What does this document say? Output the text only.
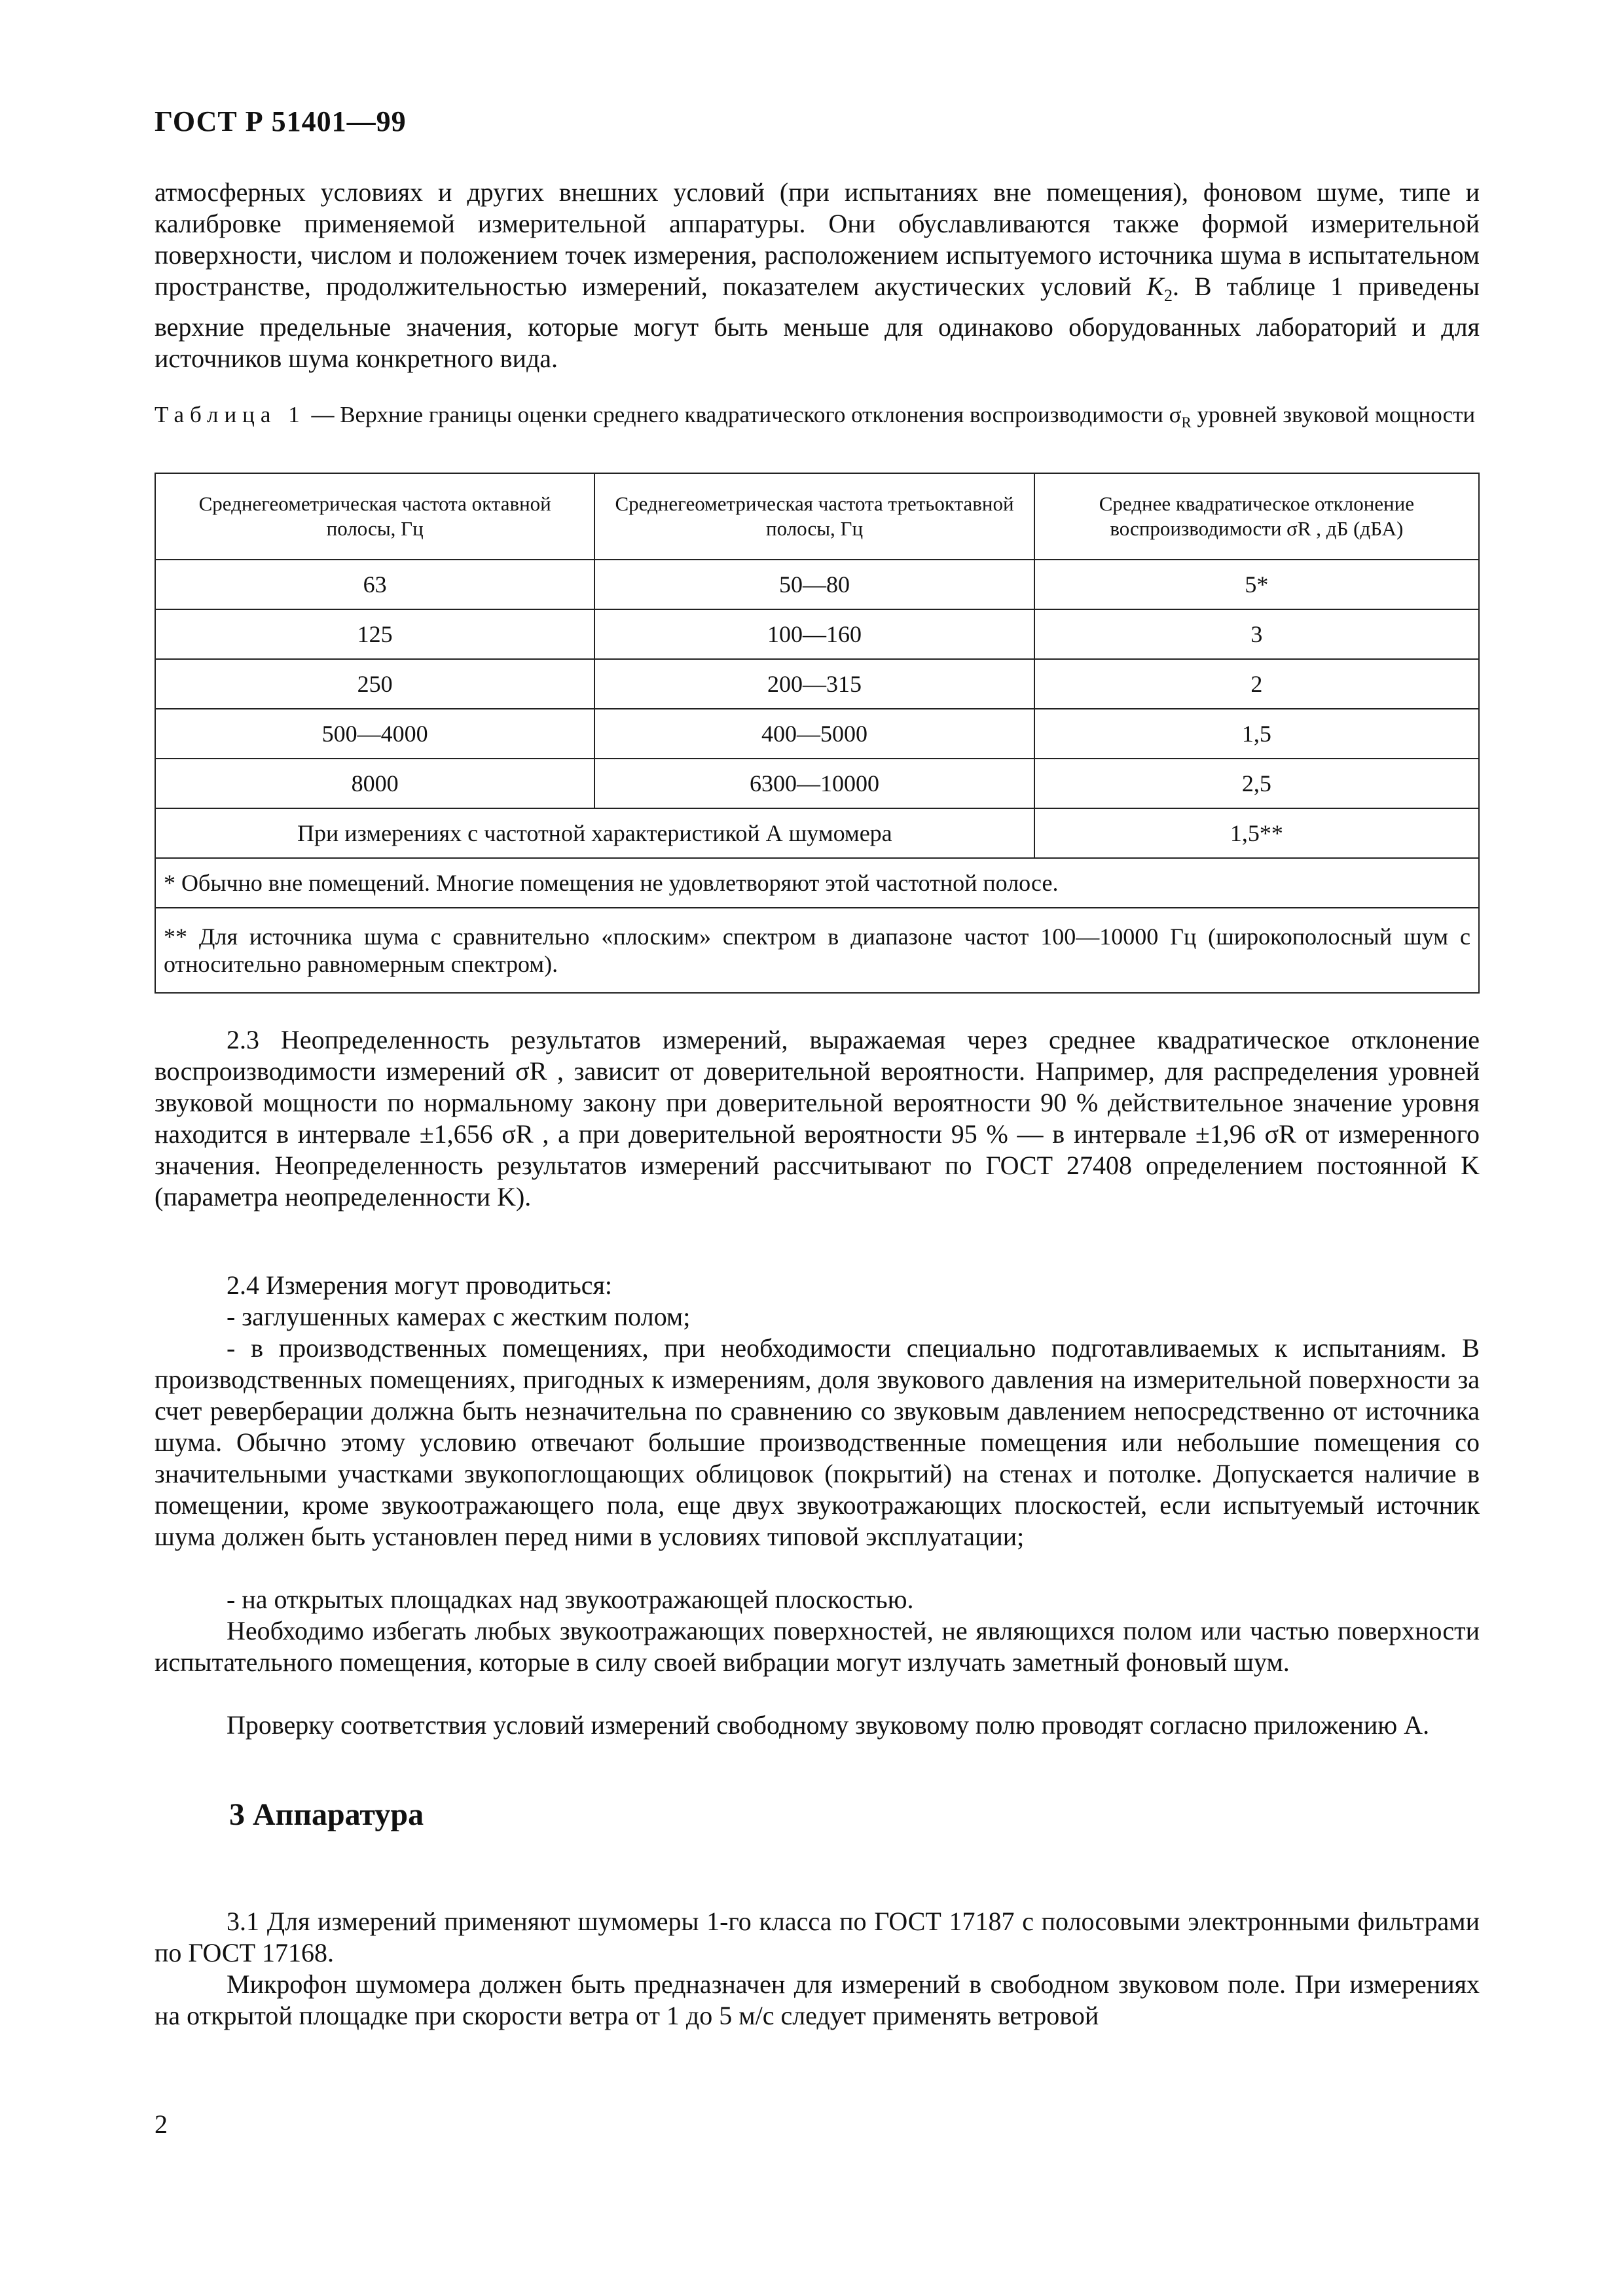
ГОСТ Р 51401—99

атмосферных условиях и других внешних условий (при испытаниях вне помещения), фоновом шуме, типе и калибровке применяемой измерительной аппаратуры. Они обуславливаются также формой измерительной поверхности, числом и положением точек измерения, расположением испытуемого источника шума в испытательном пространстве, продолжительностью измерений, показателем акустических условий $K_2$. В таблице 1 приведены верхние предельные значения, которые могут быть меньше для одинаково оборудованных лабораторий и для источников шума конкретного вида.

Таблица 1 — Верхние границы оценки среднего квадратического отклонения воспроизводимости $\sigma_R$ уровней звуковой мощности
Среднегеометрическая частота октавной полосы, Гц	Среднегеометрическая частота третьоктавной полосы, Гц	Среднее квадратическое отклонение воспроизводимости σR , дБ (дБА)
63	50—80	5*
125	100—160	3
250	200—315	2
500—4000	400—5000	1,5
8000	6300—10000	2,5
При измерениях с частотной характеристикой А шумомера		1,5**
* Обычно вне помещений. Многие помещения не удовлетворяют этой частотной полосе.		
** Для источника шума с сравнительно «плоским» спектром в диапазоне частот 100—10000 Гц (широкополосный шум с относительно равномерным спектром).		

2.3 Неопределенность результатов измерений, выражаемая через среднее квадратическое отклонение воспроизводимости измерений σR , зависит от доверительной вероятности. Например, для распределения уровней звуковой мощности по нормальному закону при доверительной вероятности 90 % действительное значение уровня находится в интервале ±1,656 σR , а при доверительной вероятности 95 % — в интервале ±1,96 σR от измеренного значения. Неопределенность результатов измерений рассчитывают по ГОСТ 27408 определением постоянной K (параметра неопределенности K).

2.4 Измерения могут проводиться:

- заглушенных камерах с жестким полом;

- в производственных помещениях, при необходимости специально подготавливаемых к испытаниям. В производственных помещениях, пригодных к измерениям, доля звукового давления на измерительной поверхности за счет реверберации должна быть незначительна по сравнению со звуковым давлением непосредственно от источника шума. Обычно этому условию отвечают большие производственные помещения или небольшие помещения со значительными участками звукопоглощающих облицовок (покрытий) на стенах и потолке. Допускается наличие в помещении, кроме звукоотражающего пола, еще двух звукоотражающих плоскостей, если испытуемый источник шума должен быть установлен перед ними в условиях типовой эксплуатации;

- на открытых площадках над звукоотражающей плоскостью.

Необходимо избегать любых звукоотражающих поверхностей, не являющихся полом или частью поверхности испытательного помещения, которые в силу своей вибрации могут излучать заметный фоновый шум.

Проверку соответствия условий измерений свободному звуковому полю проводят согласно приложению А.

3 Аппаратура

3.1 Для измерений применяют шумомеры 1-го класса по ГОСТ 17187 с полосовыми электронными фильтрами по ГОСТ 17168.

Микрофон шумомера должен быть предназначен для измерений в свободном звуковом поле. При измерениях на открытой площадке при скорости ветра от 1 до 5 м/с следует применять ветровой

2
